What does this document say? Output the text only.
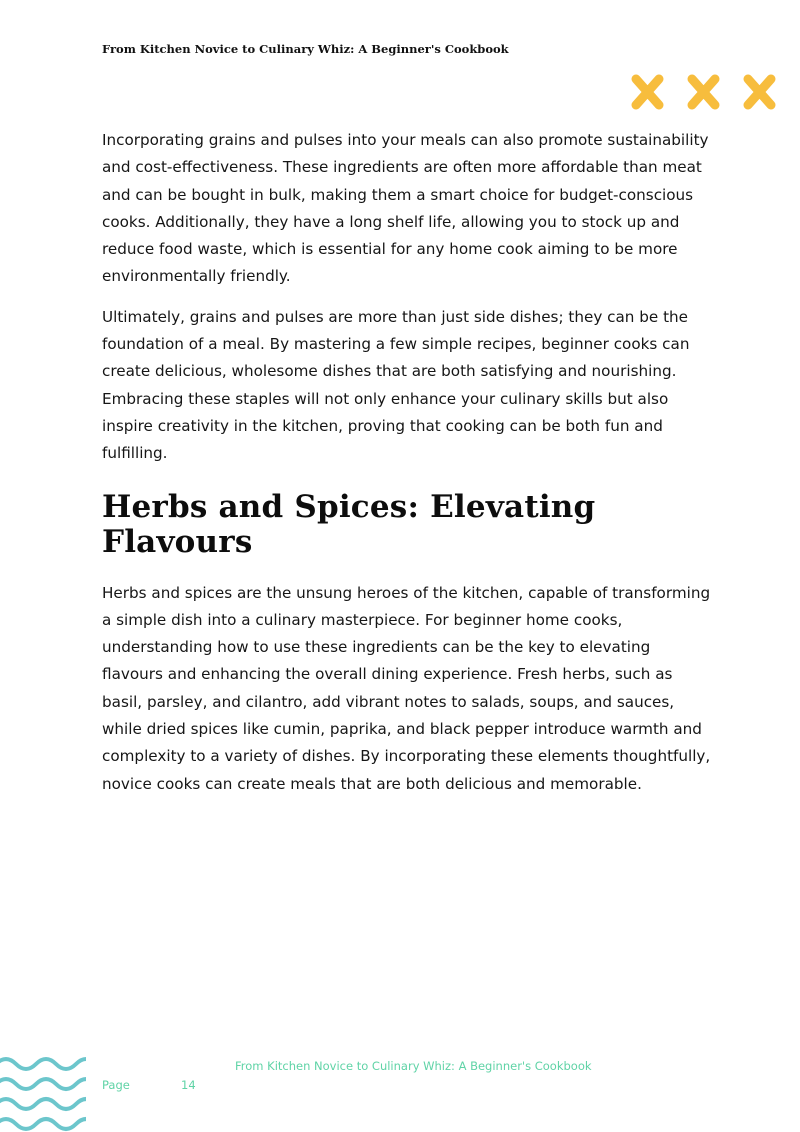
From Kitchen Novice to Culinary Whiz: A Beginner's Cookbook

Incorporating grains and pulses into your meals can also promote sustainability and cost-effectiveness. These ingredients are often more affordable than meat and can be bought in bulk, making them a smart choice for budget-conscious cooks. Additionally, they have a long shelf life, allowing you to stock up and reduce food waste, which is essential for any home cook aiming to be more environmentally friendly.

Ultimately, grains and pulses are more than just side dishes; they can be the foundation of a meal. By mastering a few simple recipes, beginner cooks can create delicious, wholesome dishes that are both satisfying and nourishing. Embracing these staples will not only enhance your culinary skills but also inspire creativity in the kitchen, proving that cooking can be both fun and fulfilling.

Herbs and Spices: Elevating Flavours

Herbs and spices are the unsung heroes of the kitchen, capable of transforming a simple dish into a culinary masterpiece. For beginner home cooks, understanding how to use these ingredients can be the key to elevating flavours and enhancing the overall dining experience. Fresh herbs, such as basil, parsley, and cilantro, add vibrant notes to salads, soups, and sauces, while dried spices like cumin, paprika, and black pepper introduce warmth and complexity to a variety of dishes. By incorporating these elements thoughtfully, novice cooks can create meals that are both delicious and memorable.

From Kitchen Novice to Culinary Whiz: A Beginner's Cookbook
Page	14
